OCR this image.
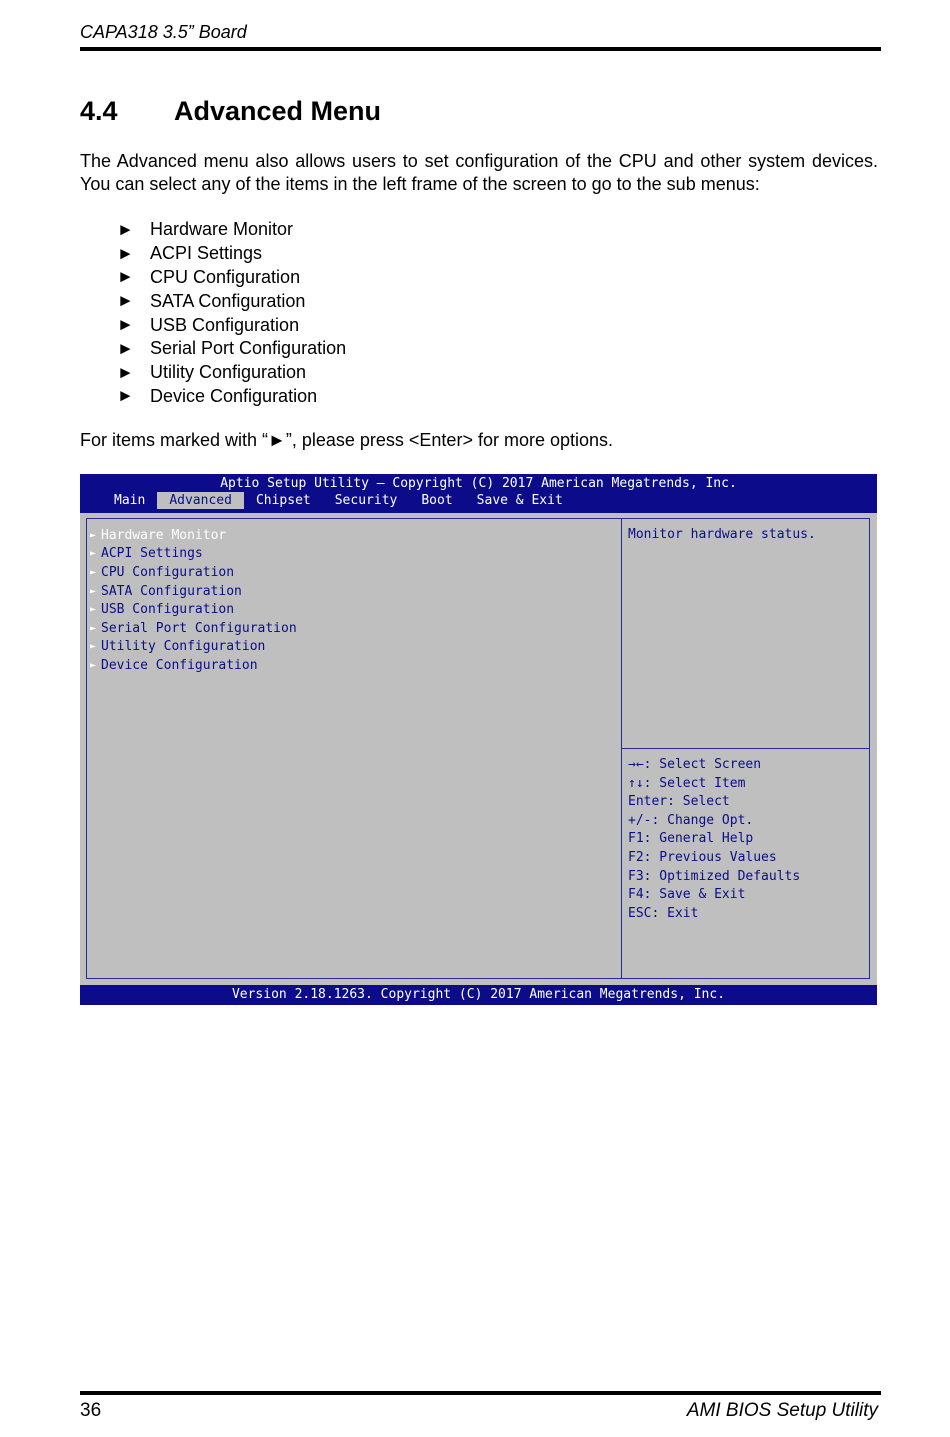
CAPA318 3.5” Board
4.4 Advanced Menu
The Advanced menu also allows users to set configuration of the CPU and other system devices. You can select any of the items in the left frame of the screen to go to the sub menus:
► Hardware Monitor
► ACPI Settings
► CPU Configuration
► SATA Configuration
► USB Configuration
► Serial Port Configuration
► Utility Configuration
► Device Configuration
For items marked with “►”, please press <Enter> for more options.
Aptio Setup Utility – Copyright (C) 2017 American Megatrends, Inc.
Main	Advanced	Chipset	Security	Boot	Save & Exit
► Hardware Monitor
► ACPI Settings
► CPU Configuration
► SATA Configuration
► USB Configuration
► Serial Port Configuration
► Utility Configuration
► Device Configuration
Monitor hardware status.
→←: Select Screen
↑↓: Select Item
Enter: Select
+/-: Change Opt.
F1: General Help
F2: Previous Values
F3: Optimized Defaults
F4: Save & Exit
ESC: Exit
Version 2.18.1263. Copyright (C) 2017 American Megatrends, Inc.
36	AMI BIOS Setup Utility
